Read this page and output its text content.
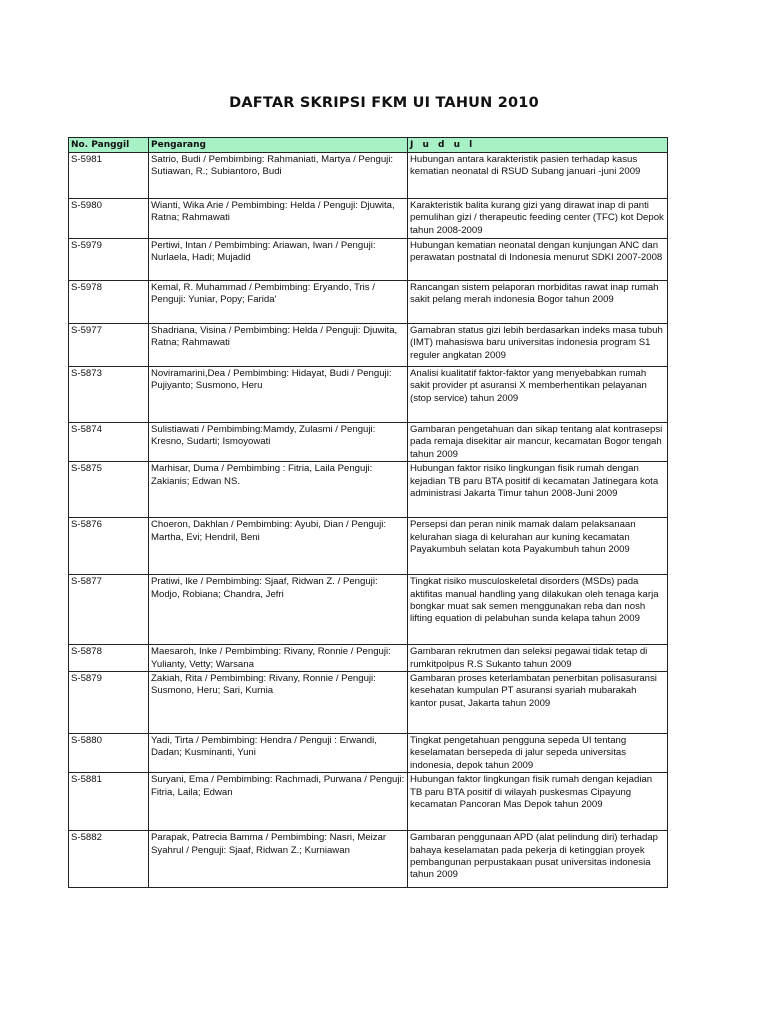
DAFTAR SKRIPSI FKM UI TAHUN 2010
No. Panggil	Pengarang	J u d u l
S-5981	Satrio, Budi / Pembimbing: Rahmaniati, Martya / Penguji: Sutiawan, R.; Subiantoro, Budi	Hubungan antara karakteristik pasien terhadap kasus kematian neonatal di RSUD Subang januari -juni 2009
S-5980	Wianti, Wika Arie / Pembimbing: Helda / Penguji: Djuwita, Ratna; Rahmawati	Karakteristik balita kurang gizi yang dirawat inap di panti pemulihan gizi / therapeutic feeding center (TFC) kot Depok tahun 2008-2009
S-5979	Pertiwi, Intan / Pembimbing: Ariawan, Iwan / Penguji: Nurlaela, Hadi; Mujadid	Hubungan kematian neonatal dengan kunjungan ANC dan perawatan postnatal di Indonesia menurut SDKI 2007-2008
S-5978	Kemal, R. Muhammad / Pembimbing: Eryando, Tris / Penguji: Yuniar, Popy; Farida'	Rancangan sistem pelaporan morbiditas rawat inap rumah sakit pelang merah indonesia Bogor tahun 2009
S-5977	Shadriana, Visina / Pembimbing: Helda / Penguji: Djuwita, Ratna; Rahmawati	Gamabran status gizi lebih berdasarkan indeks masa tubuh (IMT) mahasiswa baru universitas indonesia program S1 reguler angkatan 2009
S-5873	Noviramarini,Dea / Pembimbing: Hidayat, Budi / Penguji: Pujiyanto; Susmono, Heru	Analisi kualitatif faktor-faktor yang menyebabkan rumah sakit provider pt asuransi X memberhentikan pelayanan (stop service) tahun 2009
S-5874	Sulistiawati / Pembimbing:Mamdy, Zulasmi / Penguji: Kresno, Sudarti; Ismoyowati	Gambaran pengetahuan dan sikap tentang alat kontrasepsi pada remaja disekitar air mancur, kecamatan Bogor tengah tahun 2009
S-5875	Marhisar, Duma / Pembimbing : Fitria, Laila Penguji: Zakianis; Edwan NS.	Hubungan faktor risiko lingkungan fisik rumah dengan kejadian TB paru BTA positif di kecamatan Jatinegara kota administrasi Jakarta Timur tahun 2008-Juni 2009
S-5876	Choeron, Dakhlan / Pembimbing: Ayubi, Dian / Penguji: Martha, Evi; Hendril, Beni	Persepsi dan peran ninik mamak dalam pelaksanaan kelurahan siaga di kelurahan aur kuning kecamatan Payakumbuh selatan kota Payakumbuh tahun 2009
S-5877	Pratiwi, Ike / Pembimbing: Sjaaf, Ridwan Z. / Penguji: Modjo, Robiana; Chandra, Jefri	Tingkat risiko musculoskeletal disorders (MSDs) pada aktifitas manual handling yang dilakukan oleh tenaga karja bongkar muat sak semen menggunakan reba dan nosh lifting equation di pelabuhan sunda kelapa tahun 2009
S-5878	Maesaroh, Inke / Pembimbing: Rivany, Ronnie / Penguji: Yulianty, Vetty; Warsana	Gambaran rekrutmen dan seleksi pegawai tidak tetap di rumkitpolpus R.S Sukanto tahun 2009
S-5879	Zakiah, Rita / Pembimbing: Rivany, Ronnie / Penguji: Susmono, Heru; Sari, Kurnia	Gambaran proses keterlambatan penerbitan polisasuransi kesehatan kumpulan PT asuransi syariah mubarakah kantor pusat, Jakarta tahun 2009
S-5880	Yadi, Tirta / Pembimbing: Hendra / Penguji : Erwandi, Dadan; Kusminanti, Yuni	Tingkat pengetahuan pengguna sepeda UI tentang keselamatan bersepeda di jalur sepeda universitas indonesia, depok tahun 2009
S-5881	Suryani, Ema / Pembimbing: Rachmadi, Purwana / Penguji: Fitria, Laila; Edwan	Hubungan faktor lingkungan fisik rumah dengan kejadian TB paru BTA positif di wilayah puskesmas Cipayung kecamatan Pancoran Mas Depok tahun 2009
S-5882	Parapak, Patrecia Bamma / Pembimbing: Nasri, Meizar Syahrul / Penguji: Sjaaf, Ridwan Z.; Kurniawan	Gambaran penggunaan APD (alat pelindung diri) terhadap bahaya keselamatan pada pekerja di ketinggian proyek pembangunan perpustakaan pusat universitas indonesia tahun 2009
